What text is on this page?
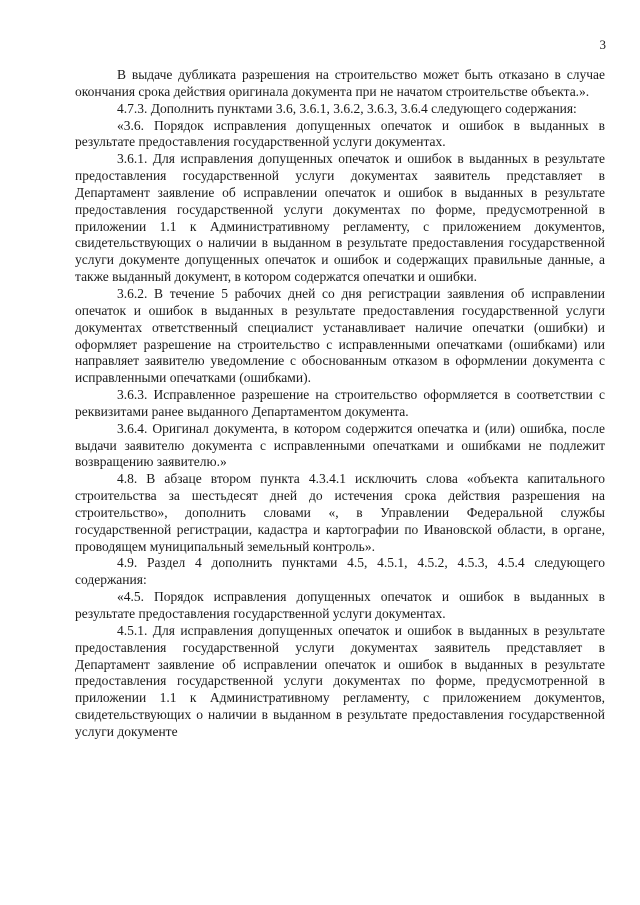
3

В выдаче дубликата разрешения на строительство может быть отказано в случае окончания срока действия оригинала документа при не начатом строительстве объекта.».

4.7.3. Дополнить пунктами 3.6, 3.6.1, 3.6.2, 3.6.3, 3.6.4 следующего содержания:

«3.6. Порядок исправления допущенных опечаток и ошибок в выданных в результате предоставления государственной услуги документах.

3.6.1. Для исправления допущенных опечаток и ошибок в выданных в результате предоставления государственной услуги документах заявитель представляет в Департамент заявление об исправлении опечаток и ошибок в выданных в результате предоставления государственной услуги документах по форме, предусмотренной в приложении 1.1 к Административному регламенту, с приложением документов, свидетельствующих о наличии в выданном в результате предоставления государственной услуги документе допущенных опечаток и ошибок и содержащих правильные данные, а также выданный документ, в котором содержатся опечатки и ошибки.

3.6.2. В течение 5 рабочих дней со дня регистрации заявления об исправлении опечаток и ошибок в выданных в результате предоставления государственной услуги документах ответственный специалист устанавливает наличие опечатки (ошибки) и оформляет разрешение на строительство с исправленными опечатками (ошибками) или направляет заявителю уведомление с обоснованным отказом в оформлении документа с исправленными опечатками (ошибками).

3.6.3. Исправленное разрешение на строительство оформляется в соответствии с реквизитами ранее выданного Департаментом документа.

3.6.4. Оригинал документа, в котором содержится опечатка и (или) ошибка, после выдачи заявителю документа с исправленными опечатками и ошибками не подлежит возвращению заявителю.»

4.8. В абзаце втором пункта 4.3.4.1 исключить слова «объекта капитального строительства за шестьдесят дней до истечения срока действия разрешения на строительство», дополнить словами «, в Управлении Федеральной службы государственной регистрации, кадастра и картографии по Ивановской области, в органе, проводящем муниципальный земельный контроль».

4.9. Раздел 4 дополнить пунктами 4.5, 4.5.1, 4.5.2, 4.5.3, 4.5.4 следующего содержания:

«4.5. Порядок исправления допущенных опечаток и ошибок в выданных в результате предоставления государственной услуги документах.

4.5.1. Для исправления допущенных опечаток и ошибок в выданных в результате предоставления государственной услуги документах заявитель представляет в Департамент заявление об исправлении опечаток и ошибок в выданных в результате предоставления государственной услуги документах по форме, предусмотренной в приложении 1.1 к Административному регламенту, с приложением документов, свидетельствующих о наличии в выданном в результате предоставления государственной услуги документе
